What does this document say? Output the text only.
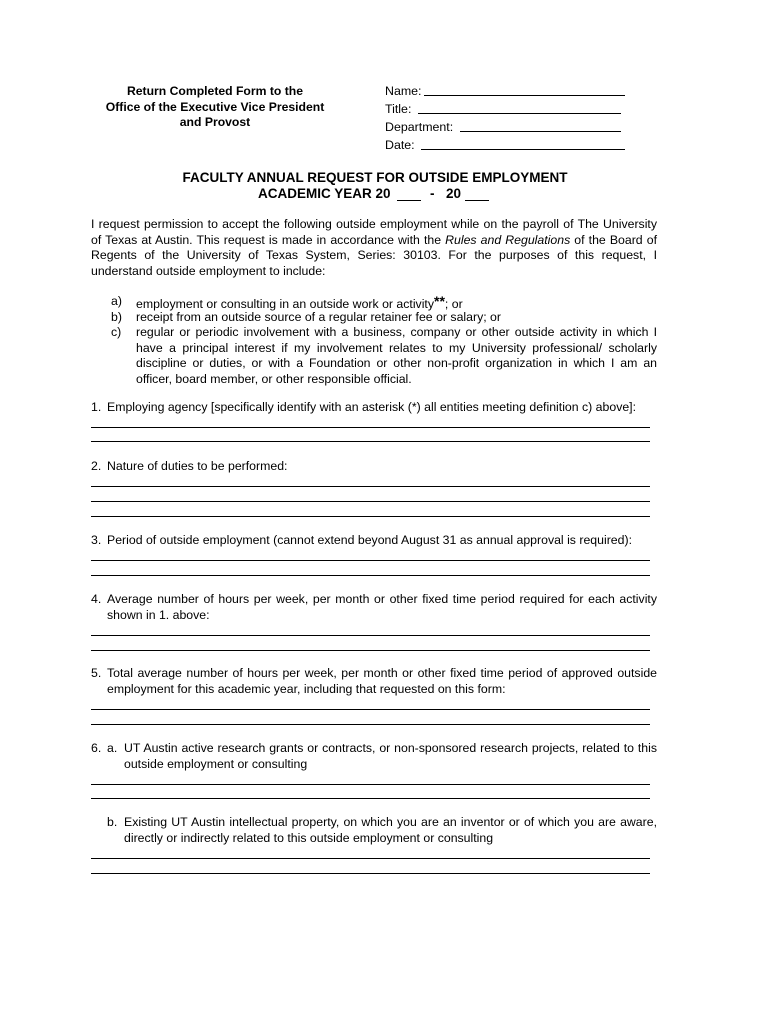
Return Completed Form to the
Office of the Executive Vice President
and Provost
Name:
Title:
Department:
Date:
FACULTY ANNUAL REQUEST FOR OUTSIDE EMPLOYMENT
ACADEMIC YEAR 20	- 20
I request permission to accept the following outside employment while on the payroll of The University of Texas at Austin. This request is made in accordance with the Rules and Regulations of the Board of Regents of the University of Texas System, Series: 30103. For the purposes of this request, I understand outside employment to include:
a) employment or consulting in an outside work or activity**; or
b) receipt from an outside source of a regular retainer fee or salary; or
c) regular or periodic involvement with a business, company or other outside activity in which I have a principal interest if my involvement relates to my University professional/ scholarly discipline or duties, or with a Foundation or other non-profit organization in which I am an officer, board member, or other responsible official.
1. Employing agency [specifically identify with an asterisk (*) all entities meeting definition c) above]:
2. Nature of duties to be performed:
3. Period of outside employment (cannot extend beyond August 31 as annual approval is required):
4. Average number of hours per week, per month or other fixed time period required for each activity shown in 1. above:
5. Total average number of hours per week, per month or other fixed time period of approved outside employment for this academic year, including that requested on this form:
6. a. UT Austin active research grants or contracts, or non-sponsored research projects, related to this outside employment or consulting
b. Existing UT Austin intellectual property, on which you are an inventor or of which you are aware, directly or indirectly related to this outside employment or consulting
